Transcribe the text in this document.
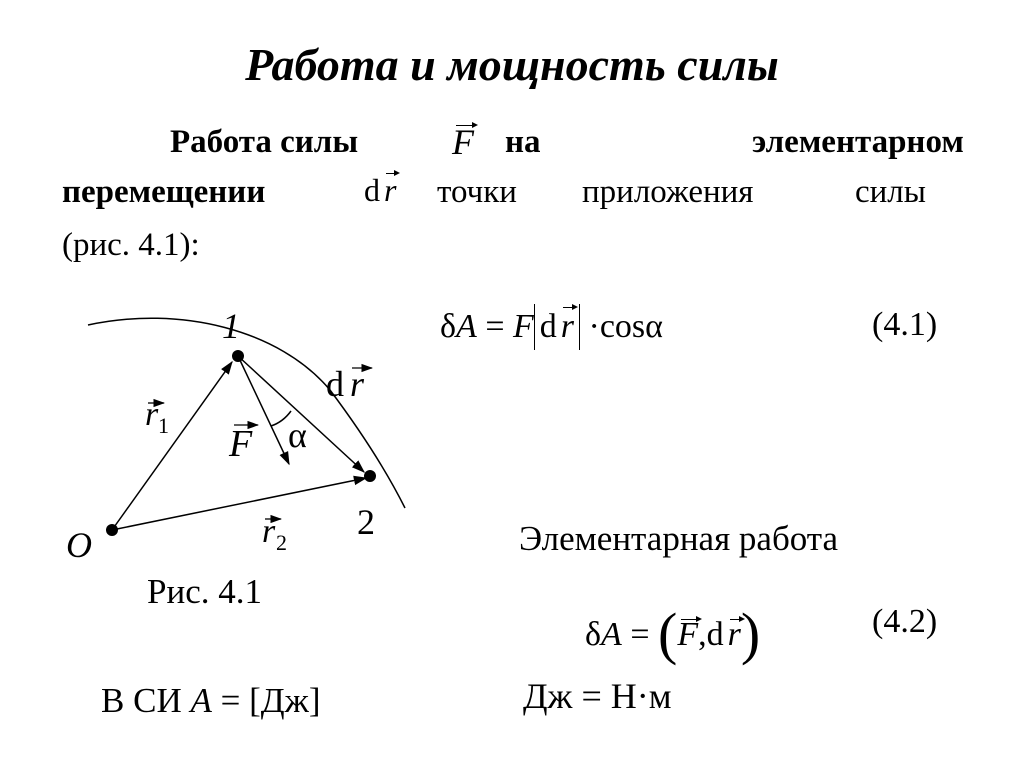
Работа и мощность силы
Работа силы	F на	элементарном
перемещении	d r точки приложения	силы
(рис. 4.1):
1
2
O
r 1
r 2
F α
d r
Рис. 4.1
δA = F d r ·cosα	(4.1)
Элементарная работа
δA = (F,d r)	(4.2)
В СИ A = [Дж]	Дж = Н·м
